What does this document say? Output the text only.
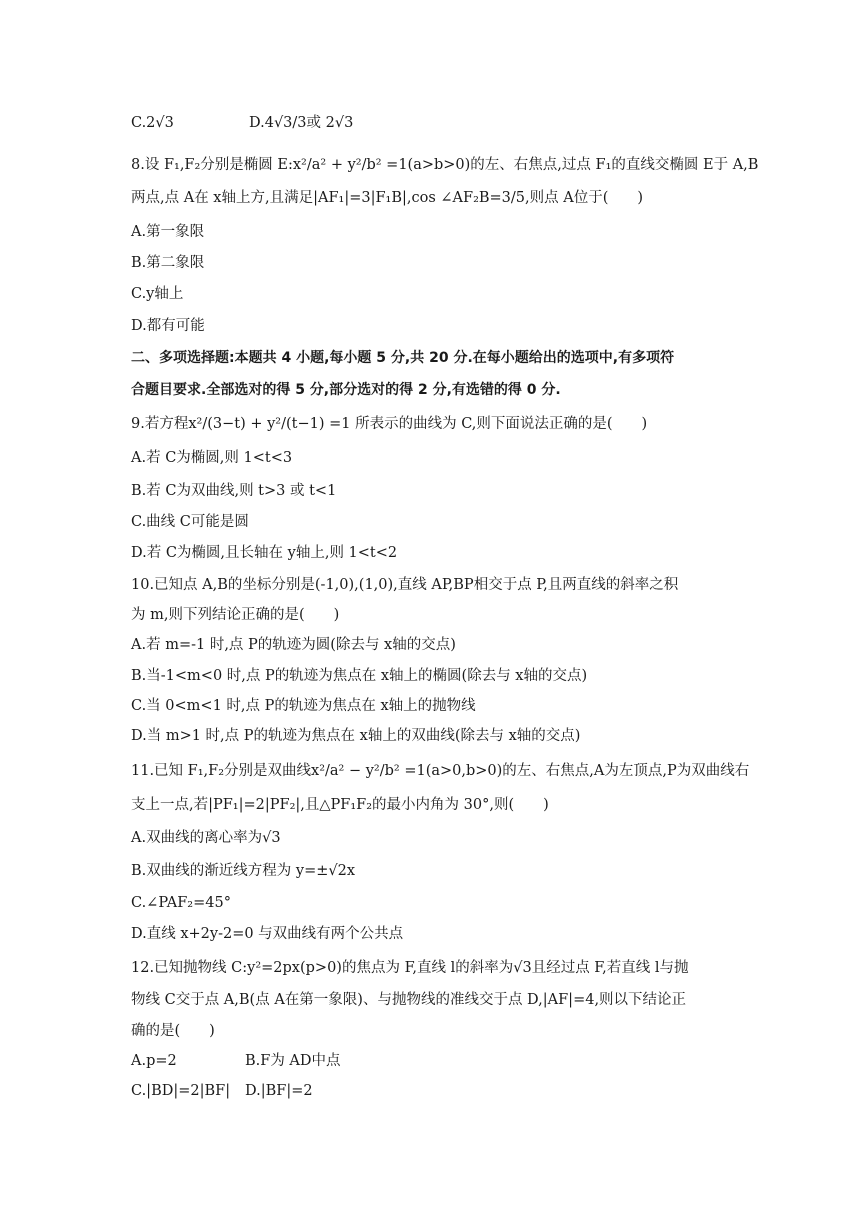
C.2√3	D.4√3/3或 2√3
8.设 F₁,F₂分别是椭圆 E:x²/a² + y²/b² =1(a>b>0)的左、右焦点,过点 F₁的直线交椭圆 E于 A,B
两点,点 A在 x轴上方,且满足|AF₁|=3|F₁B|,cos ∠AF₂B=3/5,则点 A位于(　　)
A.第一象限
B.第二象限
C.y轴上
D.都有可能
二、多项选择题:本题共 4 小题,每小题 5 分,共 20 分.在每小题给出的选项中,有多项符
合题目要求.全部选对的得 5 分,部分选对的得 2 分,有选错的得 0 分.
9.若方程x²/(3−t) + y²/(t−1) =1 所表示的曲线为 C,则下面说法正确的是(　　)
A.若 C为椭圆,则 1<t<3
B.若 C为双曲线,则 t>3 或 t<1
C.曲线 C可能是圆
D.若 C为椭圆,且长轴在 y轴上,则 1<t<2
10.已知点 A,B的坐标分别是(-1,0),(1,0),直线 AP,BP相交于点 P,且两直线的斜率之积
为 m,则下列结论正确的是(　　)
A.若 m=-1 时,点 P的轨迹为圆(除去与 x轴的交点)
B.当-1<m<0 时,点 P的轨迹为焦点在 x轴上的椭圆(除去与 x轴的交点)
C.当 0<m<1 时,点 P的轨迹为焦点在 x轴上的抛物线
D.当 m>1 时,点 P的轨迹为焦点在 x轴上的双曲线(除去与 x轴的交点)
11.已知 F₁,F₂分别是双曲线x²/a² − y²/b² =1(a>0,b>0)的左、右焦点,A为左顶点,P为双曲线右
支上一点,若|PF₁|=2|PF₂|,且△PF₁F₂的最小内角为 30°,则(　　)
A.双曲线的离心率为√3
B.双曲线的渐近线方程为 y=±√2x
C.∠PAF₂=45°
D.直线 x+2y-2=0 与双曲线有两个公共点
12.已知抛物线 C:y²=2px(p>0)的焦点为 F,直线 l的斜率为√3且经过点 F,若直线 l与抛
物线 C交于点 A,B(点 A在第一象限)、与抛物线的准线交于点 D,|AF|=4,则以下结论正
确的是(　　)
A.p=2	B.F为 AD中点
C.|BD|=2|BF| D.|BF|=2
